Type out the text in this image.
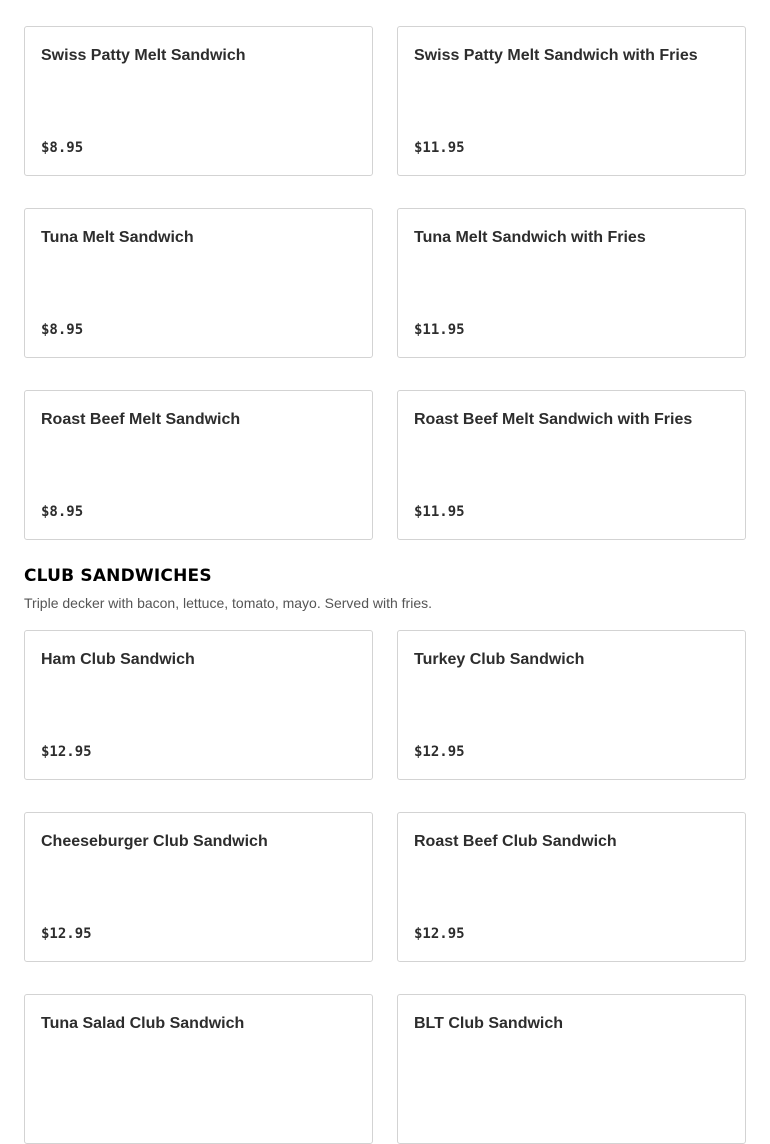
Swiss Patty Melt Sandwich
$8.95
Swiss Patty Melt Sandwich with Fries
$11.95
Tuna Melt Sandwich
$8.95
Tuna Melt Sandwich with Fries
$11.95
Roast Beef Melt Sandwich
$8.95
Roast Beef Melt Sandwich with Fries
$11.95
CLUB SANDWICHES
Triple decker with bacon, lettuce, tomato, mayo. Served with fries.
Ham Club Sandwich
$12.95
Turkey Club Sandwich
$12.95
Cheeseburger Club Sandwich
$12.95
Roast Beef Club Sandwich
$12.95
Tuna Salad Club Sandwich	BLT Club Sandwich
